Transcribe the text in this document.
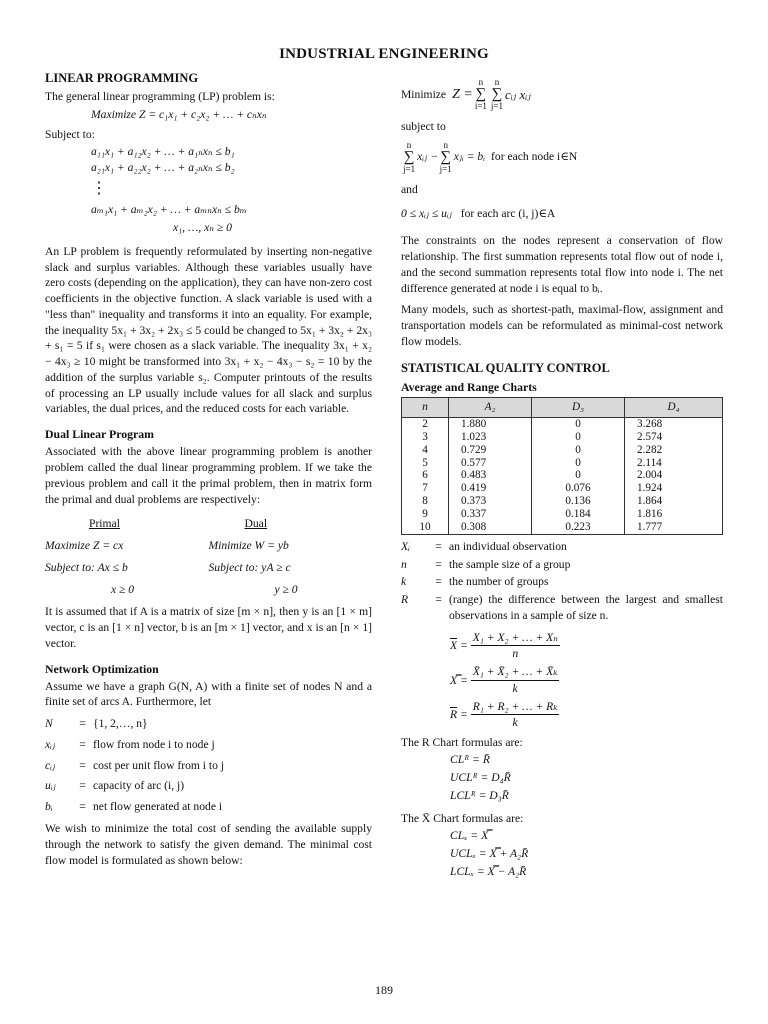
INDUSTRIAL ENGINEERING
LINEAR PROGRAMMING

The general linear programming (LP) problem is:

Maximize Z = c₁x₁ + c₂x₂ + … + cₙxₙ
Subject to:
a₁₁x₁ + a₁₂x₂ + … + a₁ₙxₙ ≤ b₁
a₂₁x₁ + a₂₂x₂ + … + a₂ₙxₙ ≤ b₂
⋮
aₘ₁x₁ + aₘ₂x₂ + … + aₘₙxₙ ≤ bₘ
x₁, …, xₙ ≥ 0

An LP problem is frequently reformulated by inserting non-negative slack and surplus variables. Although these variables usually have zero costs (depending on the application), they can have non-zero cost coefficients in the objective function. A slack variable is used with a "less than" inequality and transforms it into an equality. For example, the inequality 5x₁ + 3x₂ + 2x₃ ≤ 5 could be changed to 5x₁ + 3x₂ + 2x₃ + s₁ = 5 if s₁ were chosen as a slack variable. The inequality 3x₁ + x₂ − 4x₃ ≥ 10 might be transformed into 3x₁ + x₂ − 4x₃ − s₂ = 10 by the addition of the surplus variable s₂. Computer printouts of the results of processing an LP usually include values for all slack and surplus variables, the dual prices, and the reduced costs for each variable.

Dual Linear Program

Associated with the above linear programming problem is another problem called the dual linear programming problem. If we take the previous problem and call it the primal problem, then in matrix form the primal and dual problems are respectively:

Primal	Dual
Maximize Z = cx	Minimize W = yb
Subject to: Ax ≤ b	Subject to: yA ≥ c
x ≥ 0	y ≥ 0

It is assumed that if A is a matrix of size [m × n], then y is an [1 × m] vector, c is an [1 × n] vector, b is an [m × 1] vector, and x is an [n × 1] vector.

Network Optimization

Assume we have a graph G(N, A) with a finite set of nodes N and a finite set of arcs A. Furthermore, let

N	= {1, 2,…, n}
xᵢⱼ	= flow from node i to node j
cᵢⱼ	= cost per unit flow from i to j
uᵢⱼ	= capacity of arc (i, j)
bᵢ	= net flow generated at node i

We wish to minimize the total cost of sending the available supply through the network to satisfy the given demand. The minimal cost flow model is formulated as shown below:

Minimize Z =
n
∑
i=1
n
∑
j=1
cᵢⱼ xᵢⱼ
subject to
n
∑
j=1
xᵢⱼ −
n
∑
j=1
xⱼᵢ = bᵢ for each node i∈N
and
0 ≤ xᵢⱼ ≤ uᵢⱼ for each arc (i, j)∈A

The constraints on the nodes represent a conservation of flow relationship. The first summation represents total flow out of node i, and the second summation represents total flow into node i. The net difference generated at node i is equal to bᵢ.

Many models, such as shortest-path, maximal-flow, assignment and transportation models can be reformulated as minimal-cost network flow models.

STATISTICAL QUALITY CONTROL
Average and Range Charts
n	A₂	D₃	D₄
2	1.880	0	3.268
3	1.023	0	2.574
4	0.729	0	2.282
5	0.577	0	2.114
6	0.483	0	2.004
7	0.419	0.076	1.924
8	0.373	0.136	1.864
9	0.337	0.184	1.816
10	0.308	0.223	1.777
Xᵢ	= an individual observation
n	= the sample size of a group
k	= the number of groups
R	= (range) the difference between the largest and smallest observations in a sample of size n.
$\overline{X} = \frac{\text{X₁ + X₂ + … + Xₙ}}{n}$
X̿ = $\frac{\text{X̄₁ + X̄₂ + … + X̄ₖ}}{k}$
$\overline{R} = \frac{\text{R₁ + R₂ + … + Rₖ}}{k}$
The R Chart formulas are:
CLᴿ = R̄
UCLᴿ = D₄R̄
LCLᴿ = D₃R̄
The X̄ Chart formulas are:
CLₓ = X̿
UCLₓ = X̿ + A₂R̄
LCLₓ = X̿ − A₂R̄
189
